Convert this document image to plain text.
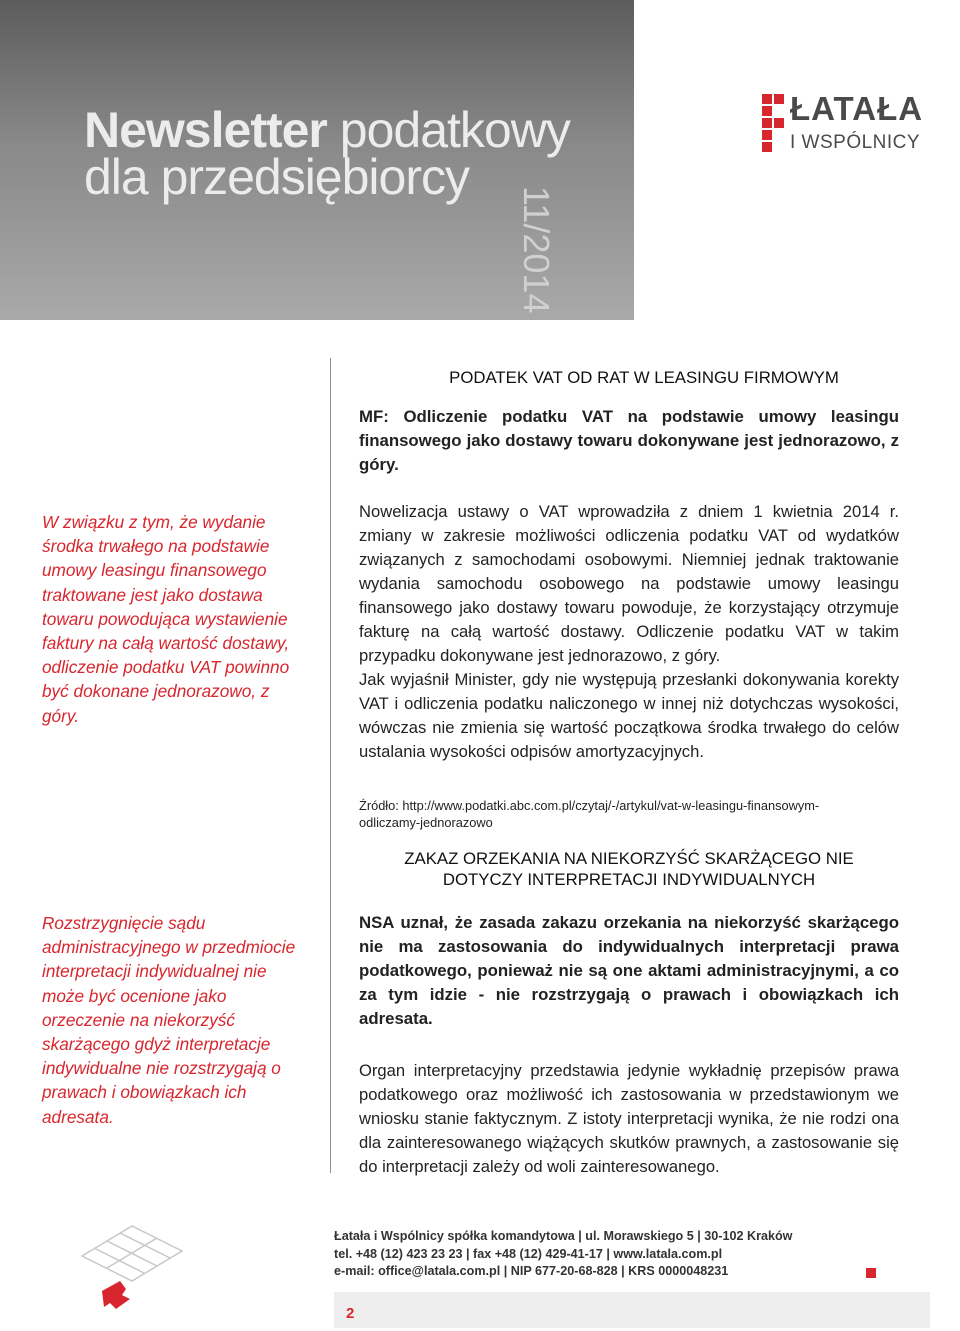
Newsletter podatkowy
dla przedsiębiorcy
11/2014
ŁATAŁA
I WSPÓLNICY
W związku z tym, że wydanie środka trwałego na podstawie umowy leasingu finansowego traktowane jest jako dostawa towaru powodująca wystawienie faktury na całą wartość dostawy, odliczenie podatku VAT powinno być dokonane jednorazowo, z góry.
Rozstrzygnięcie sądu administracyjnego w przedmiocie interpretacji indywidualnej nie może być ocenione jako orzeczenie na niekorzyść skarżącego gdyż interpretacje indywidualne nie rozstrzygają o prawach i obowiązkach ich adresata.
PODATEK VAT OD RAT W LEASINGU FIRMOWYM
MF: Odliczenie podatku VAT na podstawie umowy leasingu finansowego jako dostawy towaru dokonywane jest jednorazowo, z góry.

Nowelizacja ustawy o VAT wprowadziła z dniem 1 kwietnia 2014 r. zmiany w zakresie możliwości odliczenia podatku VAT od wydatków związanych z samochodami osobowymi. Niemniej jednak traktowanie wydania samochodu osobowego na podstawie umowy leasingu finansowego jako dostawy towaru powoduje, że korzystający otrzymuje fakturę na całą wartość dostawy. Odliczenie podatku VAT w takim przypadku dokonywane jest jednorazowo, z góry.

Jak wyjaśnił Minister, gdy nie występują przesłanki dokonywania korekty VAT i odliczenia podatku naliczonego w innej niż dotychczas wysokości, wówczas nie zmienia się wartość początkowa środka trwałego do celów ustalania wysokości odpisów amortyzacyjnych.

Źródło: http://www.podatki.abc.com.pl/czytaj/-/artykul/vat-w-leasingu-finansowym-
odliczamy-jednorazowo
ZAKAZ ORZEKANIA NA NIEKORZYŚĆ SKARŻĄCEGO NIE
DOTYCZY INTERPRETACJI INDYWIDUALNYCH
NSA uznał, że zasada zakazu orzekania na niekorzyść skarżącego nie ma zastosowania do indywidualnych interpretacji prawa podatkowego, ponieważ nie są one aktami administracyjnymi, a co za tym idzie - nie rozstrzygają o prawach i obowiązkach ich adresata.

Organ interpretacyjny przedstawia jedynie wykładnię przepisów prawa podatkowego oraz możliwość ich zastosowania w przedstawionym we wniosku stanie faktycznym. Z istoty interpretacji wynika, że nie rodzi ona dla zainteresowanego wiążących skutków prawnych, a zastosowanie się do interpretacji zależy od woli zainteresowanego.

Łatała i Wspólnicy spółka komandytowa | ul. Morawskiego 5 | 30-102 Kraków
tel. +48 (12) 423 23 23 | fax +48 (12) 429-41-17 | www.latala.com.pl
e-mail: office@latala.com.pl | NIP 677-20-68-828 | KRS 0000048231
2
